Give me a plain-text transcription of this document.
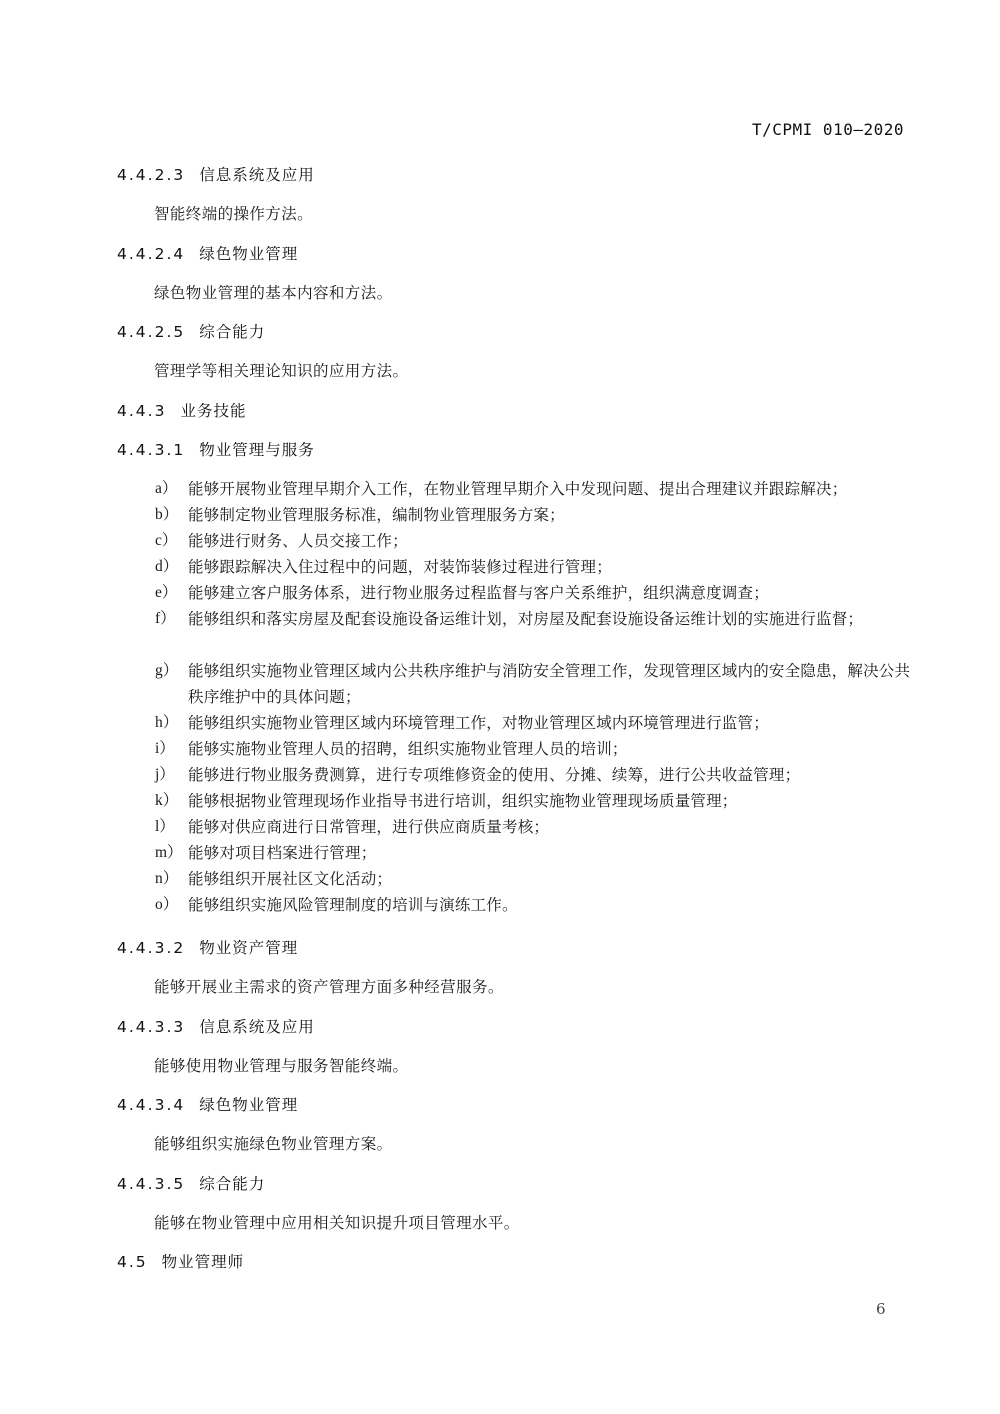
T/CPMI 010—2020
4.4.2.3 信息系统及应用
智能终端的操作方法。
4.4.2.4 绿色物业管理
绿色物业管理的基本内容和方法。
4.4.2.5 综合能力
管理学等相关理论知识的应用方法。
4.4.3 业务技能
4.4.3.1 物业管理与服务
a） 能够开展物业管理早期介入工作，在物业管理早期介入中发现问题、提出合理建议并跟踪解决；
b） 能够制定物业管理服务标准，编制物业管理服务方案；
c） 能够进行财务、人员交接工作；
d） 能够跟踪解决入住过程中的问题，对装饰装修过程进行管理；
e） 能够建立客户服务体系，进行物业服务过程监督与客户关系维护，组织满意度调查；
f） 能够组织和落实房屋及配套设施设备运维计划，对房屋及配套设施设备运维计划的实施进行监督；
g） 能够组织实施物业管理区域内公共秩序维护与消防安全管理工作，发现管理区域内的安全隐患，解决公共秩序维护中的具体问题；
h） 能够组织实施物业管理区域内环境管理工作，对物业管理区域内环境管理进行监管；
i） 能够实施物业管理人员的招聘，组织实施物业管理人员的培训；
j） 能够进行物业服务费测算，进行专项维修资金的使用、分摊、续筹，进行公共收益管理；
k） 能够根据物业管理现场作业指导书进行培训，组织实施物业管理现场质量管理；
l） 能够对供应商进行日常管理，进行供应商质量考核；
m） 能够对项目档案进行管理；
n） 能够组织开展社区文化活动；
o） 能够组织实施风险管理制度的培训与演练工作。
4.4.3.2 物业资产管理
能够开展业主需求的资产管理方面多种经营服务。
4.4.3.3 信息系统及应用
能够使用物业管理与服务智能终端。
4.4.3.4 绿色物业管理
能够组织实施绿色物业管理方案。
4.4.3.5 综合能力
能够在物业管理中应用相关知识提升项目管理水平。
4.5 物业管理师
6
